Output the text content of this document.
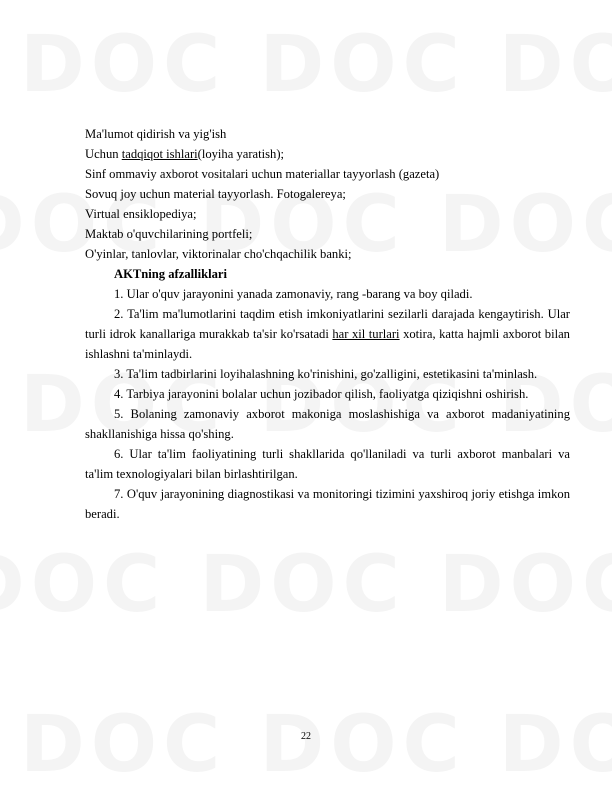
Ma'lumot qidirish va yig'ish
Uchun tadqiqot ishlari(loyiha yaratish);
Sinf ommaviy axborot vositalari uchun materiallar tayyorlash (gazeta)
Sovuq joy uchun material tayyorlash. Fotogalereya;
Virtual ensiklopediya;
Maktab o'quvchilarining portfeli;
O'yinlar, tanlovlar, viktorinalar cho'chqachilik banki;
AKTning afzalliklari

1. Ular o'quv jarayonini yanada zamonaviy, rang -barang va boy qiladi.

2. Ta'lim ma'lumotlarini taqdim etish imkoniyatlarini sezilarli darajada kengaytirish. Ular turli idrok kanallariga murakkab ta'sir ko'rsatadi har xil turlari xotira, katta hajmli axborot bilan ishlashni ta'minlaydi.

3. Ta'lim tadbirlarini loyihalashning ko'rinishini, go'zalligini, estetikasini ta'minlash.

4. Tarbiya jarayonini bolalar uchun jozibador qilish, faoliyatga qiziqishni oshirish.

5. Bolaning zamonaviy axborot makoniga moslashishiga va axborot madaniyatining shakllanishiga hissa qo'shing.

6. Ular ta'lim faoliyatining turli shakllarida qo'llaniladi va turli axborot manbalari va ta'lim texnologiyalari bilan birlashtirilgan.

7. O'quv jarayonining diagnostikasi va monitoringi tizimini yaxshiroq joriy etishga imkon beradi.

22
